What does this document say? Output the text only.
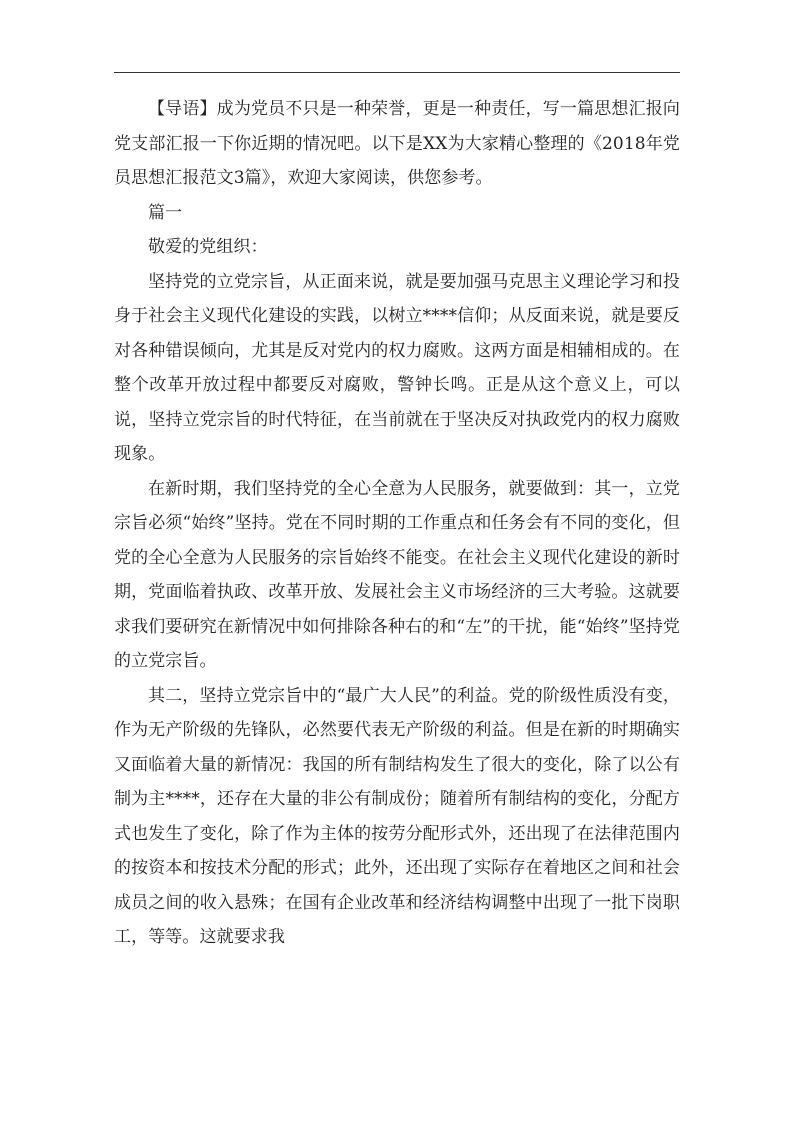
【导语】成为党员不只是一种荣誉，更是一种责任，写一篇思想汇报向党支部汇报一下你近期的情况吧。以下是XX为大家精心整理的《2018年党员思想汇报范文3篇》，欢迎大家阅读，供您参考。

篇一

敬爱的党组织：

坚持党的立党宗旨，从正面来说，就是要加强马克思主义理论学习和投身于社会主义现代化建设的实践，以树立****信仰；从反面来说，就是要反对各种错误倾向，尤其是反对党内的权力腐败。这两方面是相辅相成的。在整个改革开放过程中都要反对腐败，警钟长鸣。正是从这个意义上，可以说，坚持立党宗旨的时代特征，在当前就在于坚决反对执政党内的权力腐败现象。

在新时期，我们坚持党的全心全意为人民服务，就要做到：其一，立党宗旨必须“始终”坚持。党在不同时期的工作重点和任务会有不同的变化，但党的全心全意为人民服务的宗旨始终不能变。在社会主义现代化建设的新时期，党面临着执政、改革开放、发展社会主义市场经济的三大考验。这就要求我们要研究在新情况中如何排除各种右的和“左”的干扰，能“始终”坚持党的立党宗旨。

其二，坚持立党宗旨中的“最广大人民”的利益。党的阶级性质没有变，作为无产阶级的先锋队，必然要代表无产阶级的利益。但是在新的时期确实又面临着大量的新情况：我国的所有制结构发生了很大的变化，除了以公有制为主****，还存在大量的非公有制成份；随着所有制结构的变化，分配方式也发生了变化，除了作为主体的按劳分配形式外，还出现了在法律范围内的按资本和按技术分配的形式；此外，还出现了实际存在着地区之间和社会成员之间的收入悬殊；在国有企业改革和经济结构调整中出现了一批下岗职工，等等。这就要求我
